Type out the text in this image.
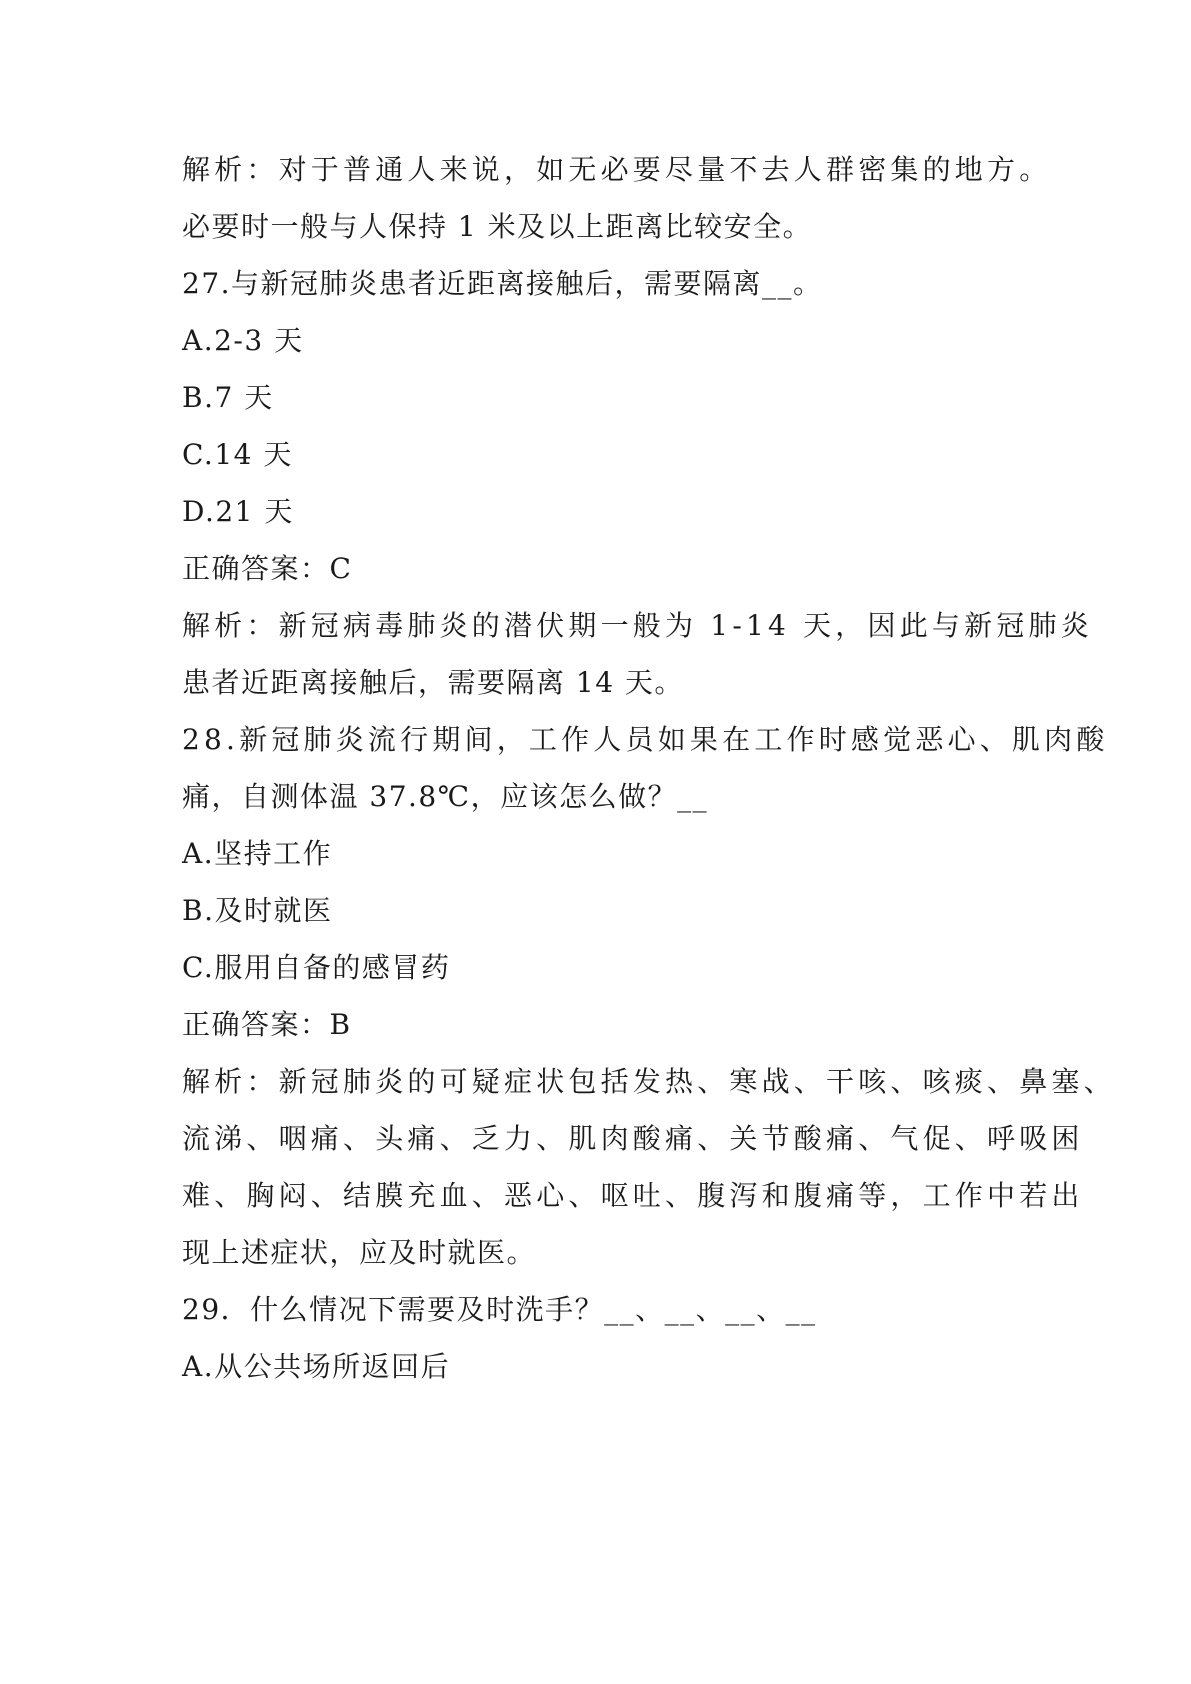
解析：对于普通人来说，如无必要尽量不去人群密集的地方。
必要时一般与人保持 1 米及以上距离比较安全。
27.与新冠肺炎患者近距离接触后，需要隔离__。
A.2-3 天
B.7 天
C.14 天
D.21 天
正确答案：C
解析：新冠病毒肺炎的潜伏期一般为 1-14 天，因此与新冠肺炎
患者近距离接触后，需要隔离 14 天。
28.新冠肺炎流行期间，工作人员如果在工作时感觉恶心、肌肉酸
痛，自测体温 37.8℃，应该怎么做？__
A.坚持工作
B.及时就医
C.服用自备的感冒药
正确答案：B
解析：新冠肺炎的可疑症状包括发热、寒战、干咳、咳痰、鼻塞、
流涕、咽痛、头痛、乏力、肌肉酸痛、关节酸痛、气促、呼吸困
难、胸闷、结膜充血、恶心、呕吐、腹泻和腹痛等，工作中若出
现上述症状，应及时就医。
29．什么情况下需要及时洗手？__、__、__、__
A.从公共场所返回后
